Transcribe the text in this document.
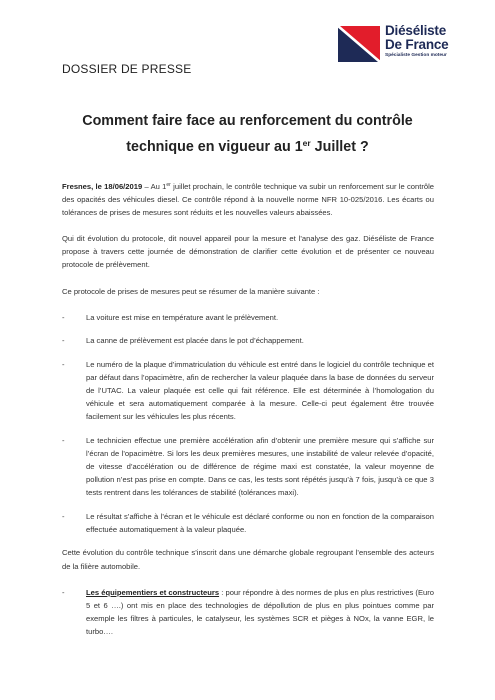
Diéséliste
De France
Spécialiste Gestion moteur
DOSSIER DE PRESSE
Comment faire face au renforcement du contrôle
technique en vigueur au 1er Juillet ?

Fresnes, le 18/06/2019 – Au 1er juillet prochain, le contrôle technique va subir un renforcement sur le contrôle des opacités des véhicules diesel. Ce contrôle répond à la nouvelle norme NFR 10-025/2016. Les écarts ou tolérances de prises de mesures sont réduits et les nouvelles valeurs abaissées.

Qui dit évolution du protocole, dit nouvel appareil pour la mesure et l’analyse des gaz. Diéséliste de France propose à travers cette journée de démonstration de clarifier cette évolution et de présenter ce nouveau protocole de prélèvement.

Ce protocole de prises de mesures peut se résumer de la manière suivante :

-	La voiture est mise en température avant le prélèvement.
-	La canne de prélèvement est placée dans le pot d’échappement.
-	Le numéro de la plaque d’immatriculation du véhicule est entré dans le logiciel du contrôle technique et par défaut dans l’opacimètre, afin de rechercher la valeur plaquée dans la base de données du serveur de l’UTAC. La valeur plaquée est celle qui fait référence. Elle est déterminée à l’homologation du véhicule et sera automatiquement comparée à la mesure. Celle-ci peut également être trouvée facilement sur les véhicules les plus récents.
-	Le technicien effectue une première accélération afin d’obtenir une première mesure qui s’affiche sur l’écran de l’opacimètre. Si lors les deux premières mesures, une instabilité de valeur relevée d’opacité, de vitesse d’accélération ou de différence de régime maxi est constatée, la valeur moyenne de pollution n’est pas prise en compte. Dans ce cas, les tests sont répétés jusqu’à 7 fois, jusqu’à ce que 3 tests rentrent dans les tolérances de stabilité (tolérances maxi).
-	Le résultat s’affiche à l’écran et le véhicule est déclaré conforme ou non en fonction de la comparaison effectuée automatiquement à la valeur plaquée.

Cette évolution du contrôle technique s’inscrit dans une démarche globale regroupant l’ensemble des acteurs de la filière automobile.

-	Les équipementiers et constructeurs : pour répondre à des normes de plus en plus restrictives (Euro 5 et 6 ….) ont mis en place des technologies de dépollution de plus en plus pointues comme par exemple les filtres à particules, le catalyseur, les systèmes SCR et pièges à NOx, la vanne EGR, le turbo….
